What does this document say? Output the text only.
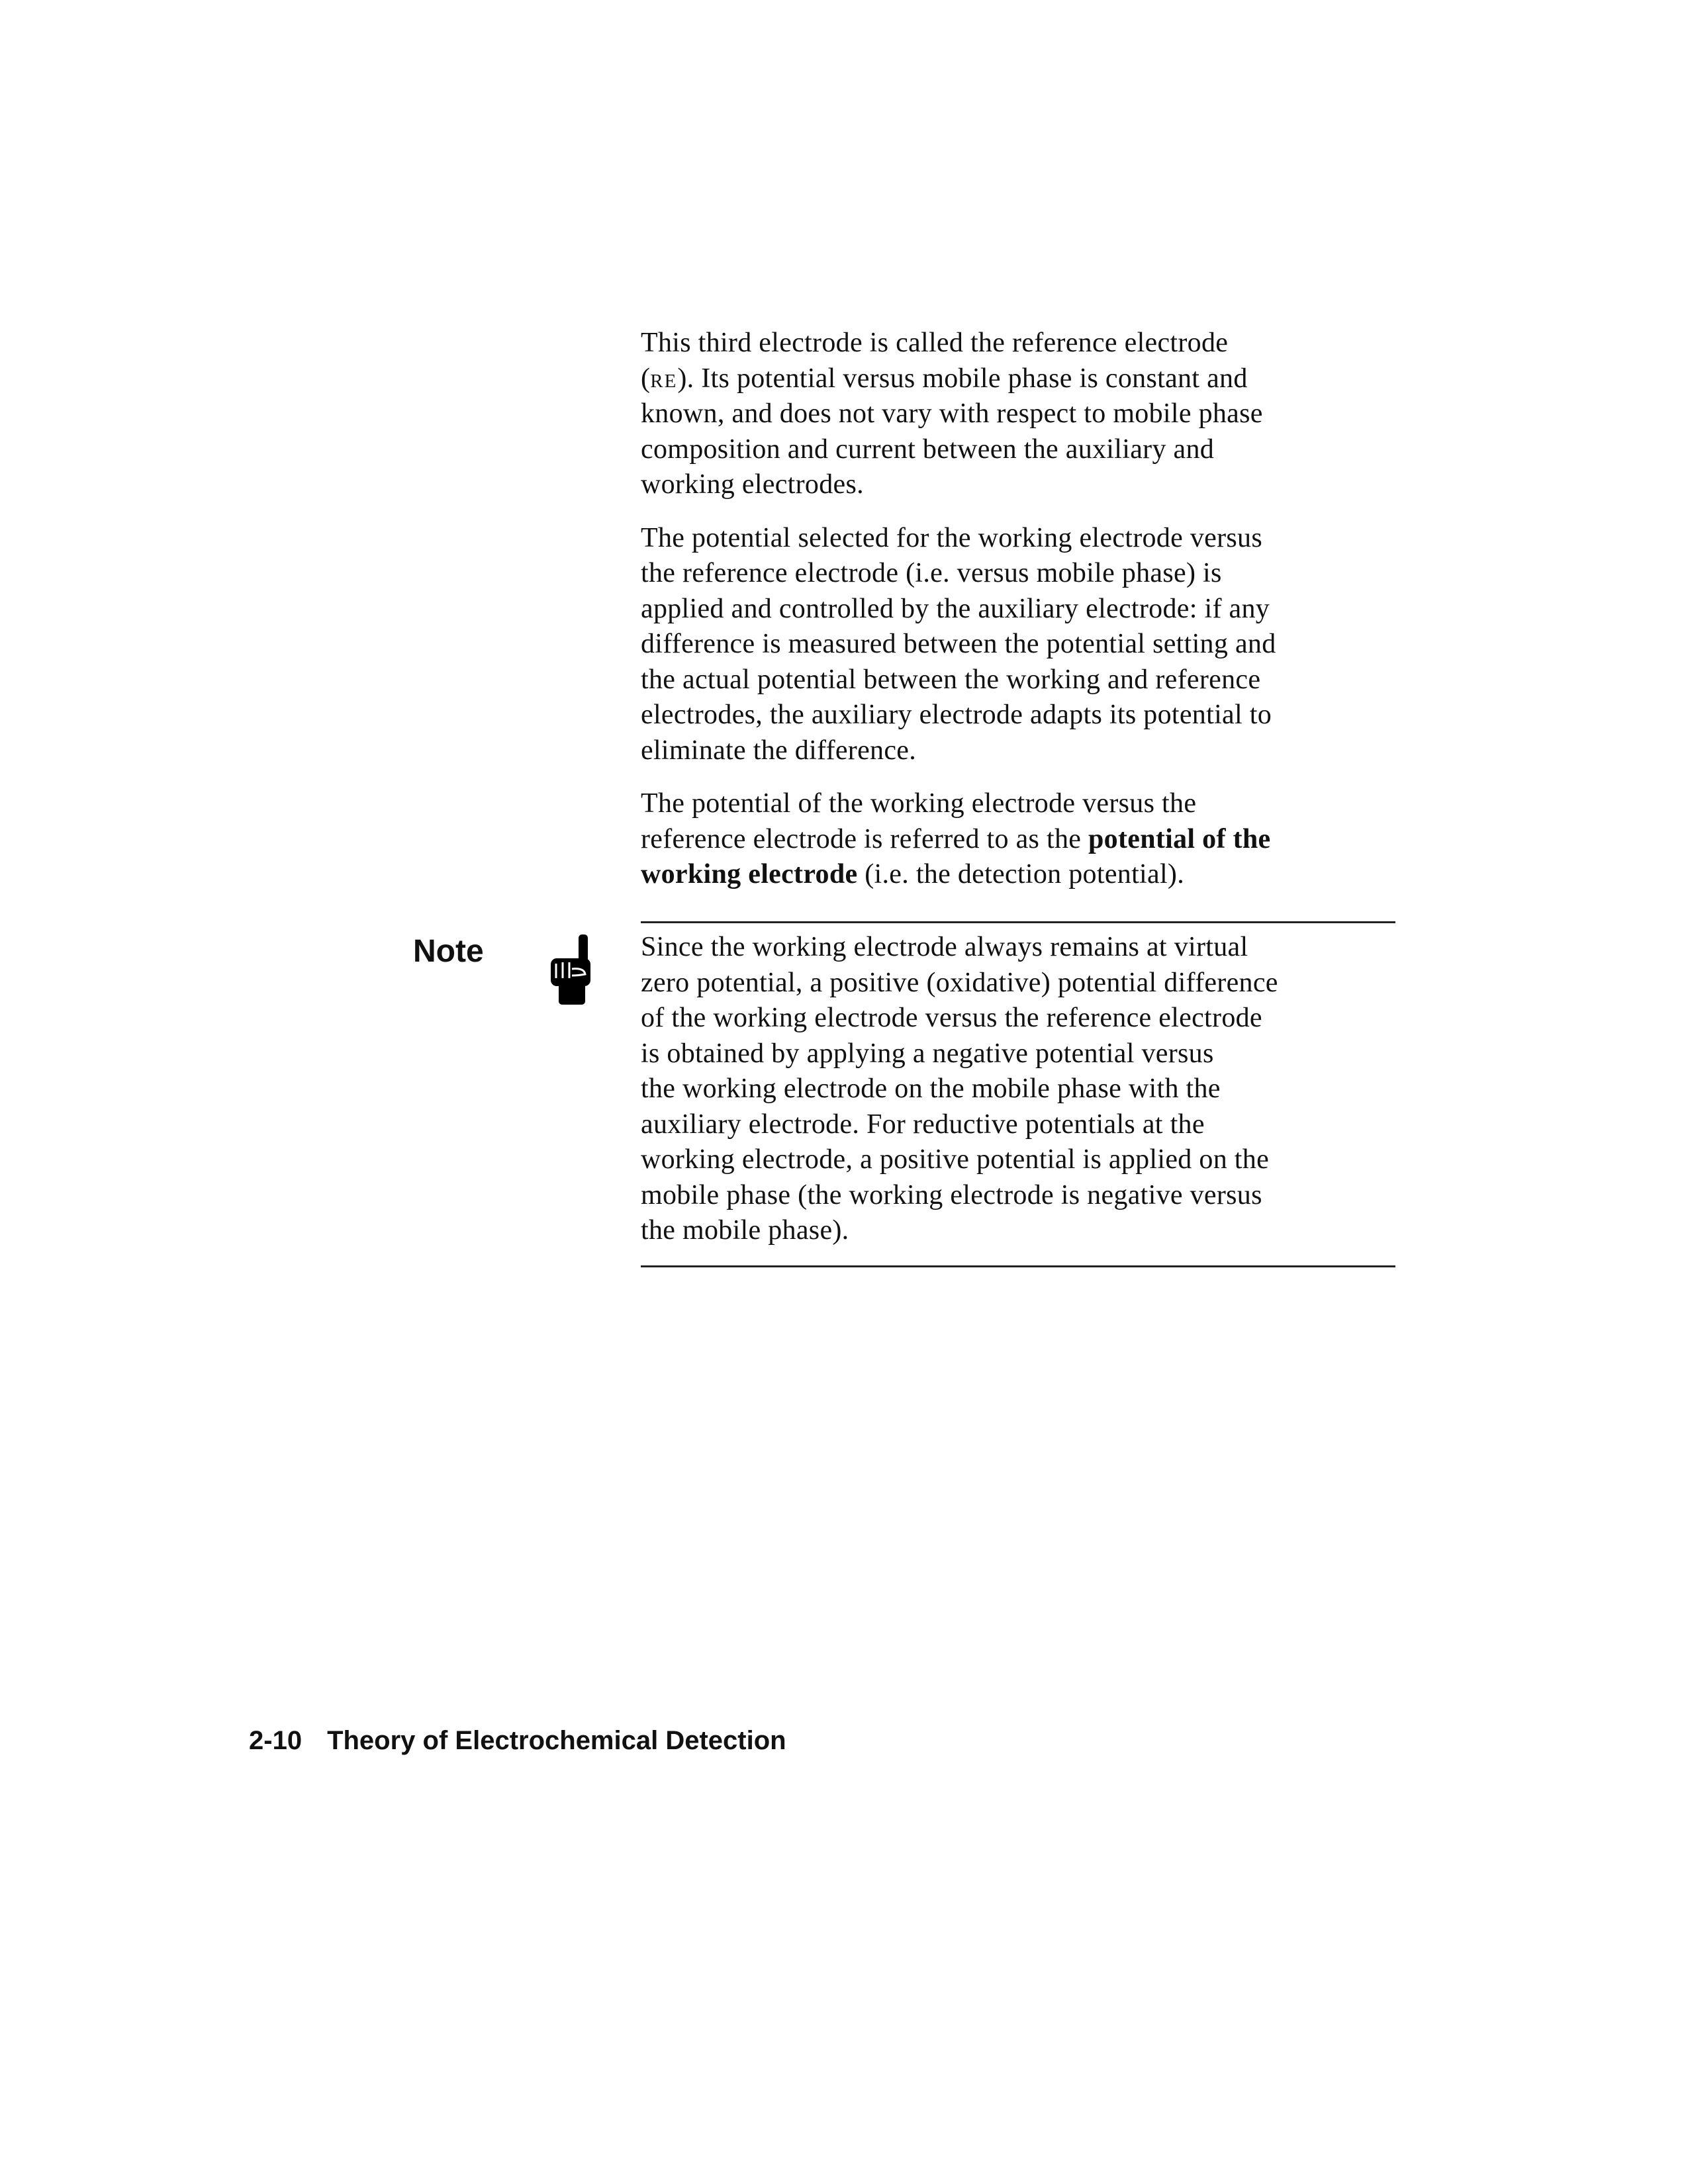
This third electrode is called the reference electrode
(re). Its potential versus mobile phase is constant and
known, and does not vary with respect to mobile phase
composition and current between the auxiliary and
working electrodes.

The potential selected for the working electrode versus
the reference electrode (i.e. versus mobile phase) is
applied and controlled by the auxiliary electrode: if any
difference is measured between the potential setting and
the actual potential between the working and reference
electrodes, the auxiliary electrode adapts its potential to
eliminate the difference.

The potential of the working electrode versus the
reference electrode is referred to as the potential of the
working electrode (i.e. the detection potential).

Note	Since the working electrode always remains at virtual
zero potential, a positive (oxidative) potential difference
of the working electrode versus the reference electrode
is obtained by applying a negative potential versus
the working electrode on the mobile phase with the
auxiliary electrode. For reductive potentials at the
working electrode, a positive potential is applied on the
mobile phase (the working electrode is negative versus
the mobile phase).

2-10 Theory of Electrochemical Detection
